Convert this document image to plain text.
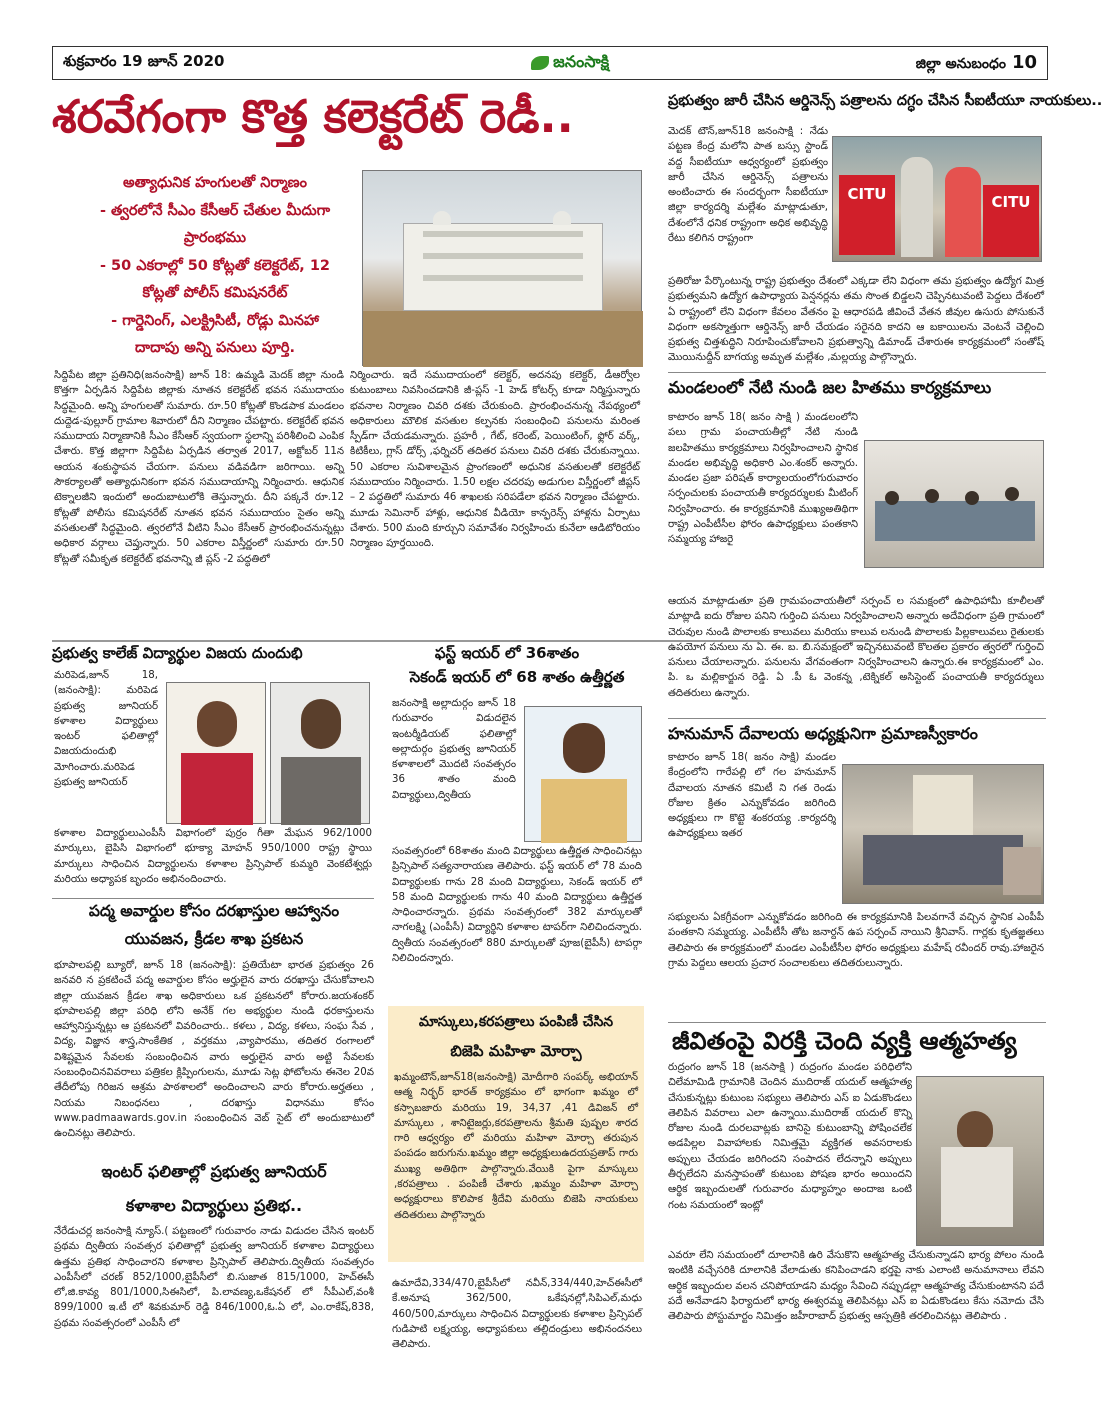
శుక్రవారం 19 జూన్ 2020	జనంసాక్షి	జిల్లా అనుబంధం 10
శరవేగంగా కొత్త కలెక్టరేట్ రెడీ..
అత్యాధునిక హంగులతో నిర్మాణం
- త్వరలోనే సీఎం కేసీఆర్ చేతుల మీదుగా
ప్రారంభము
- 50 ఎకరాల్లో 50 కోట్లతో కలెక్టరేట్, 12
కోట్లతో పోలీస్ కమిషనరేట్
- గార్డెనింగ్, ఎలక్ట్రిసిటీ, రోడ్లు మినహా
దాదాపు అన్ని పనులు పూర్తి.
సిద్దిపేట జిల్లా ప్రతినిధి(జనంసాక్షి) జూన్ 18: ఉమ్మడి మెదక్ జిల్లా నుండి కొత్తగా ఏర్పడిన సిద్దిపేట జిల్లాకు నూతన కలెక్టరేట్ భవన సముదాయం సిద్ధమైంది. అన్ని హంగులతో సుమారు. రూ.50 కోట్లతో కొండపాక మండలం దుద్దెడ-పుల్లూర్ గ్రామాల శివారులో దీని నిర్మాణం చేపట్టారు. కలెక్టరేట్ భవన సముదాయ నిర్మాణానికి సీఎం కేసీఆర్ స్వయంగా స్థలాన్ని పరిశీలించి ఎంపిక చేశారు. కొత్త జిల్లాగా సిద్దిపేట ఏర్పడిన తర్వాత 2017, అక్టోబర్ 11న ఆయన శంకుస్థాపన చేయగా. పనులు వడివడిగా జరిగాయి. అన్ని సౌకర్యాలతో అత్యాధునికంగా భవన సముదాయాన్ని నిర్మించారు. ఆధునిక టెక్నాలజీని ఇందులో అందుబాటులోకి తెస్తున్నారు. దీని పక్కనే రూ.12 కోట్లతో పోలీసు కమిషనరేట్ నూతన భవన సముదాయం సైతం అన్ని వసతులతో సిద్ధమైంది. త్వరలోనే వీటిని సీఎం కేసీఆర్ ప్రారంభించనున్నట్లు అధికార వర్గాలు చెప్తున్నారు. 50 ఎకరాల విస్తీర్ణంలో సుమారు రూ.50 కోట్లతో సమీకృత కలెక్టరేట్ భవనాన్ని జీ ప్లస్ -2 పద్ధతిలో
నిర్మించారు. ఇదే సముదాయంలో కలెక్టర్, అదనపు కలెక్టర్, డీఆర్వోల కుటుంబాలు నివసించడానికి జీ-ప్లస్ -1 హెడ్ కోటర్స్ కూడా నిర్మిస్తున్నారు భవనాల నిర్మాణం చివరి దశకు చేరుకుంది. ప్రారంభించనున్న నేపథ్యంలో అధికారులు మౌలిక వసతుల కల్పనకు సంబంధించి పనులను మరింత స్పీడ్‌గా చేయడమన్నారు. ప్రహరీ , గేట్, కరెంట్, పెయింటింగ్, ఫ్లోర్ వర్క్, కిటికీలు, గ్లాస్ డోర్స్ ,ఫర్నిచర్ తదితర పనులు చివరి దశకు చేరుకున్నాయి. 50 ఎకరాల సువిశాలమైన ప్రాంగణంలో అధునిక వసతులతో కలెక్టరేట్ సముదాయం నిర్మించారు. 1.50 లక్షల చదరపు అడుగుల విస్తీర్ణంలో జీప్లస్ – 2 పద్ధతిలో సుమారు 46 శాఖలకు సరిపడేలా భవన నిర్మాణం చేపట్టారు. మూడు సెమినార్ హాళ్లు, ఆధునిక వీడియో కాన్ఫరెన్స్ హాళ్లను ఏర్పాటు చేశారు. 500 మంది కూర్చుని సమావేశం నిర్వహించు కునేలా ఆడిటోరియం నిర్మాణం పూర్తయింది.
ప్రభుత్వం జారీ చేసిన ఆర్డినెన్స్ పత్రాలను దగ్ధం చేసిన సీఐటీయూ నాయకులు..
మెదక్ టౌన్,జూన్18 జనంసాక్షి : నేడు పట్టణ కేంద్ర మలోని పాత బస్సు స్టాండ్ వద్ద సీఐటీయూ ఆధ్వర్యంలో ప్రభుత్వం జారీ చేసిన ఆర్డినెన్స్ పత్రాలను అంటించారు ఈ సందర్భంగా సీఐటీయూ జిల్లా కార్యదర్శి మల్లేశం మాట్లాడుతూ, దేశంలోనే ధనిక రాష్ట్రంగా అధిక అభివృద్ధి రేటు కలిగిన రాష్ట్రంగా
CITU	CITU
ప్రతిరోజు పేర్కొంటున్న రాష్ట్ర ప్రభుత్వం దేశంలో ఎక్కడా లేని విధంగా తమ ప్రభుత్వం ఉద్యోగ మిత్ర ప్రభుత్వమని ఉద్యోగ ఉపాధ్యాయ పెన్షనర్లను తమ సొంత బిడ్డలని చెప్పినటువంటి పెద్దలు దేశంలో ఏ రాష్ట్రంలో లేని విధంగా కేవలం వేతనం పై ఆధారపడి జీవించే వేతన జీవుల ఉసురు పోసుకునే విధంగా అకస్మాత్తుగా ఆర్డినెన్స్ జారీ చేయడం సరైనది కాదని ఆ బకాయిలను వెంటనే చెల్లించి ప్రభుత్వ చిత్తశుద్ధిని నిరూపించుకోవాలని ప్రభుత్వాన్ని డిమాండ్ చేశారుఈ కార్యక్రమంలో సంతోష్ మొయినుద్దీన్ బాగయ్య అమృత మల్లేశం ,మల్లయ్య పాల్గొన్నారు.
మండలంలో నేటి నుండి జల హితము కార్యక్రమాలు
కాటారం జూన్ 18( జనం సాక్షి ) మండలంలోని పలు గ్రామ పంచాయతీల్లో నేటి నుండి జలహితము కార్యక్రమాలు నిర్వహించాలని స్థానిక మండల అభివృద్ధి అధికారి ఎం.శంకర్ అన్నారు. మండల ప్రజా పరిషత్ కార్యాలయంలోగురువారం సర్పంచులకు పంచాయతీ కార్యదర్శులకు మీటింగ్ నిర్వహించారు. ఈ కార్యక్రమానికి ముఖ్యఅతిథిగా రాష్ట్ర ఎంపీటీసీల ఫోరం ఉపాధ్యక్షులు పంతకాని సమ్మయ్య హాజరై
ఆయన మాట్లాడుతూ ప్రతి గ్రామపంచాయతీలో సర్పంచ్ ల సమక్షంలో ఉపాధిహామీ కూలీలతో మాట్లాడి ఐదు రోజుల పనిని గుర్తించి పనులు నిర్వహించాలని అన్నారు అదేవిధంగా ప్రతి గ్రామంలో చెరువుల నుండి పొలాలకు కాలువలు మరియు కాలువ లనుండి పొలాలకు పిల్లకాలువలు రైతులకు ఉపయోగ పనులు ను ఏ. ఈ. బ. బి.సమక్షంలో ఇచ్చినటువంటి కొలతల ప్రకారం త్వరలో గుర్తించి పనులు చేయాలన్నారు. పనులను వేగవంతంగా నిర్వహించాలని ఉన్నారు.ఈ కార్యక్రమంలో ఎం. పి. ఒ మల్లికార్జున రెడ్డి. ఏ .పీ ఓ వెంకన్న ,టెక్నికల్ అసిస్టెంట్ పంచాయతీ కార్యదర్శులు తదితరులు ఉన్నారు.
హనుమాన్ దేవాలయ అధ్యక్షునిగా ప్రమాణస్వీకారం
కాటారం జూన్ 18( జనం సాక్షి) మండల కేంద్రంలోని గారేపల్లి లో గల హనుమాన్ దేవాలయ నూతన కమిటీ ని గత రెండు రోజుల క్రితం ఎన్నుకోవడం జరిగింది అధ్యక్షులు గా కొట్టె శంకరయ్య .కార్యదర్శి ఉపాధ్యక్షులు ఇతర
సభ్యులను ఏకగ్రీవంగా ఎన్నుకోవడం జరిగింది ఈ కార్యక్రమానికి పిలవగానే వచ్చిన స్థానిక ఎంపీపీ పంతకాని సమ్మయ్య. ఎంపీటీసీ తోట జనార్దన్ ఉప సర్పంచ్ నాయిని శ్రీనివాస్. గార్లకు కృతజ్ఞతలు తెలిపారు ఈ కార్యక్రమంలో మండల ఎంపీటీసీల ఫోరం అధ్యక్షులు మహేష్ రవీందర్ రావు.హాజరైన గ్రామ పెద్దలు ఆలయ ప్రచార సంచాలకులు తదితరులున్నారు.
జీవితంపై విరక్తి చెంది వ్యక్తి ఆత్మహత్య
రుద్రంగం జూన్ 18 (జనసాక్షి ) రుద్రంగం మండల పరిధిలోని చిలేమామిడి గ్రామానికి చెందిన ముదిరాజ్ యదుల్ ఆత్మహత్య చేసుకున్నట్లు కుటుంబ సభ్యులు తెలిపారు ఎస్ ఐ ఏడుకొండలు తెలిపిన వివరాలు ఎలా ఉన్నాయి.ముదిరాజ్ యదుల్ కొన్ని రోజుల నుండి దురలవాట్లకు బానిసై కుటుంబాన్ని పోషించలేక అడపిల్లల వివాహాలకు నిమిత్తమై వ్యక్తిగత అవసరాలకు అప్పులు చేయడం జరిగిందని సంపాదన లేదన్నాని అప్పులు తీర్చలేదని మనస్తాపంతో కుటుంబ పోషణ భారం అయిందని ఆర్థిక ఇబ్బందులతో గురువారం మధ్యాహ్నం అందాజ ఒంటి గంట సమయంలో ఇంట్లో
ఎవరూ లేని సమయంలో దూలానికి ఉరి వేసుకొని ఆత్మహత్య చేసుకున్నాడని భార్య పోలం నుండి ఇంటికి వచ్చేసరికి దూలానికి వేలాడుతు కనిపించాడని భర్తపై నాకు ఎలాంటి అనుమానాలు లేవని ఆర్ధిక ఇబ్బందుల వలన చనిపోయాడని మధ్యం సేవించి నప్పుడల్లా ఆత్మహత్య చేసుకుంటానని పదే పదే అనేవాడని ఫిర్యాదులో భార్య ఈశ్వరమ్మ తెలిపినట్లు ఎస్ ఐ ఏడుకొండలు కేసు నమోదు చేసి తెలిపారు పోస్టుమార్టం నిమిత్తం జహీరాబాద్ ప్రభుత్వ ఆస్పత్రికి తరలించినట్లు తెలిపారు .
ప్రభుత్వ కాలేజ్ విద్యార్థుల విజయ దుందుభి
మరిపెడ,జూన్ 18,(జనంసాక్షి): మరిపెడ ప్రభుత్వ జూనియర్ కళాశాల విద్యార్థులు ఇంటర్ ఫలితాల్లో విజయదుందుభి మోగించారు.మరిపెడ ప్రభుత్వ జూనియర్
కళాశాల విద్యార్థులుఎంపీసీ విభాగంలో పుర్రం గీతా మేఘన 962/1000 మార్కులు, బైపిసి విభాగంలో భూక్యా మోహన్ 950/1000 రాష్ట్ర స్థాయి మార్కులు సాధించిన విద్యార్థులను కళాశాల ప్రిన్సిపాల్ కుమ్మరి వెంకటేశ్వర్లు మరియు అధ్యాపక బృందం అభినందించారు.
ఫస్ట్ ఇయర్ లో 36శాతం
సెకండ్ ఇయర్ లో 68 శాతం ఉత్తీర్ణత
జనంసాక్షి అల్లాదుర్గం జూన్ 18 గురువారం విడుదలైన ఇంటర్మీడియట్ ఫలితాల్లో అల్లాదుర్గం ప్రభుత్వ జూనియర్ కళాశాలలో మొదటి సంవత్సరం 36 శాతం మంది విద్యార్థులు,ద్వితీయ
సంవత్సరంలో 68శాతం మంది విద్యార్థులు ఉత్తీర్ణత సాధించినట్లు ప్రిన్సిపాల్ సత్యనారాయణ తెలిపారు. ఫస్ట్ ఇయర్ లో 78 మంది విద్యార్థులకు గాను 28 మంది విద్యార్థులు, సెకండ్ ఇయర్ లో 58 మంది విద్యార్థులకు గాను 40 మంది విద్యార్థులు ఉత్తీర్ణత సాధించారన్నారు. ప్రథమ సంవత్సరంలో 382 మార్కులతో నాగలక్ష్మి (ఎంపీసీ) విద్యార్థిని కళాశాల టాపర్‌గా నిలిచిందన్నారు. ద్వితీయ సంవత్సరంలో 880 మార్కులతో పూజ(బైపీసీ) టాపర్గా నిలిచిందన్నారు.
పద్మ అవార్డుల కోసం దరఖాస్తుల ఆహ్వానం
యువజన, క్రీడల శాఖ ప్రకటన
భూపాలపల్లి బ్యూరో, జూన్ 18 (జనంసాక్షి): ప్రతియేటా భారత ప్రభుత్వం 26 జనవరి న ప్రకటించే పద్మ అవార్డుల కోసం అర్హులైన వారు దరఖాస్తు చేసుకోవాలని జిల్లా యువజన క్రీడల శాఖ అధికారులు ఒక ప్రకటనలో కోరారు.జయశంకర్ భూపాలపల్లి జిల్లా పరిధి లోని అనేక్ గల అభ్యర్థుల నుండి ధరకాస్తులను ఆహ్వానిస్తున్నట్లు ఆ ప్రకటనలో వివరించారు.. కళలు , విద్య, కళలు, సంఘ సేవ , విద్య, విజ్ఞాన శాస్త్ర,సాంకేతిక , వర్తకము ,వ్యాపారము, తదితర రంగాలలో విశిష్టమైన సేవలకు సంబంధించిన వారు అర్హులైన వారు అట్టి సేవలకు సంబంధించినవివరాలు పత్రికల క్లిప్పింగులను, మూడు సెట్ల ఫోటోలను ఈనెల 20వ తేదీలోపు గిరిజన ఆశ్రమ పాఠశాలలో అందించాలని వారు కోరారు.అర్హతలు , నియమ నిబంధనలు , దరఖాస్తు విధానము కోసం www.padmaawards.gov.in సంబంధించిన వెబ్ సైట్ లో అందుబాటులో ఉంచినట్లు తెలిపారు.
ఇంటర్ ఫలితాల్లో ప్రభుత్వ జూనియర్
కళాశాల విద్యార్థులు ప్రతిభ..
నేరేడుచర్ల జనంసాక్షి న్యూస్.( పట్టణంలో గురువారం నాడు విడుదల చేసిన ఇంటర్ ప్రథమ ద్వితీయ సంవత్సర ఫలితాల్లో ప్రభుత్వ జూనియర్ కళాశాల విద్యార్థులు ఉత్తమ ప్రతిభ సాధించారని కళాశాల ప్రిన్సిపాల్ తెలిపారు.ద్వితీయ సంవత్సరం ఎంపీసీలో చరణ్ 852/1000,బైపీసీలో బి.సుజాత 815/1000, హెచ్ఈసీ లో,జి.కావ్య 801/1000,సిఈసిలో, పి.లావణ్య,ఒకేషనల్ లో సీపీఎల్,వంశీ 899/1000 ఇ.టీ లో శివకుమార్ రెడ్డి 846/1000,ఓ.ఏ లో, ఎం.రాకేష్,838, ప్రథమ సంవత్సరంలో ఎంపీసీ లో
మాస్కులు,కరపత్రాలు పంపిణీ చేసిన
బిజెపి మహిళా మోర్చా
ఖమ్మంటౌన్,జూన్18(జనంసాక్షి) మోదీగారి సంపర్క్ అభియాన్ ఆత్మ నిర్భర్ భారత్ కార్యక్రమం లో భాగంగా ఖమ్మం లో కస్పాబజారు మరియు 19, 34,37 ,41 డివిజన్ లో మాస్కులు , శానిటైజర్లు,కరపత్రాలను శ్రీమతి పుష్పల శారద గారి ఆధ్వర్యం లో మరియు మహిళా మోర్చా తరుపున పంపడం జరుగును.ఖమ్మం జిల్లా అధ్యక్షులుఉదయప్రతాప్ గారు ముఖ్య అతిథిగా పాల్గొన్నారు.వేయికి పైగా మాస్కులు ,కరపత్రాలు . పంపిణీ చేశారు ,ఖమ్మం మహిళా మోర్చా అధ్యక్షురాలు కొలిపాక శ్రీదేవి మరియు బిజెపి నాయకులు తదితరులు పాల్గొన్నారు
ఉమాదేవి,334/470,బైపీసీలో నవీన్,334/440,హెచ్ఈసీలో కే.అనూష 362/500, ఒకేషనల్లో,సిపిఎల్,మధు 460/500,మార్కులు సాధించిన విద్యార్థులకు కళాశాల ప్రిన్సిపల్ గుడిపాటి లక్ష్మయ్య, అధ్యాపకులు తల్లిదండ్రులు అభినందనలు తెలిపారు.
